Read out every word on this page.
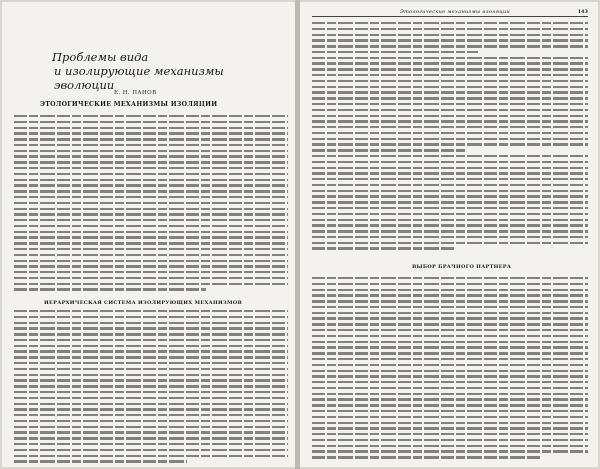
Проблемы вида
и изолирующие механизмы эволюции
Е. Н. ПАНОВ
ЭТОЛОГИЧЕСКИЕ МЕХАНИЗМЫ ИЗОЛЯЦИИ
ИЕРАРХИЧЕСКАЯ СИСТЕМА ИЗОЛИРУЮЩИХ МЕХАНИЗМОВ
Этологические механизмы изоляции	143
ВЫБОР БРАЧНОГО ПАРТНЕРА
